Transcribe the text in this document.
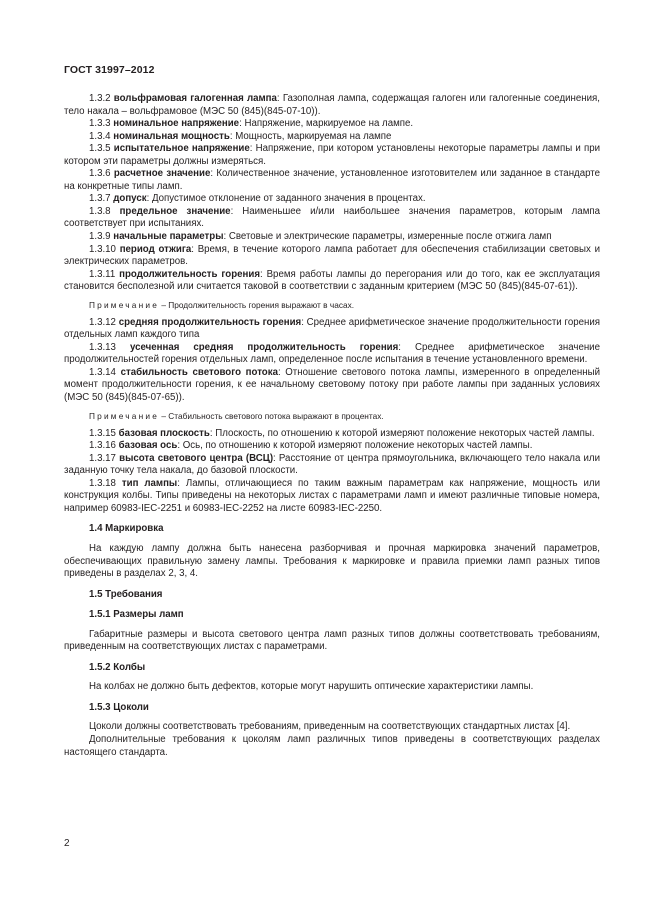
ГОСТ 31997–2012

1.3.2 вольфрамовая галогенная лампа: Газополная лампа, содержащая галоген или галогенные соединения, тело накала – вольфрамовое (МЭС 50 (845)(845-07-10)).

1.3.3 номинальное напряжение: Напряжение, маркируемое на лампе.

1.3.4 номинальная мощность: Мощность, маркируемая на лампе

1.3.5 испытательное напряжение: Напряжение, при котором установлены некоторые параметры лампы и при котором эти параметры должны измеряться.

1.3.6 расчетное значение: Количественное значение, установленное изготовителем или заданное в стандарте на конкретные типы ламп.

1.3.7 допуск: Допустимое отклонение от заданного значения в процентах.

1.3.8 предельное значение: Наименьшее и/или наибольшее значения параметров, которым лампа соответствует при испытаниях.

1.3.9 начальные параметры: Световые и электрические параметры, измеренные после отжига ламп

1.3.10 период отжига: Время, в течение которого лампа работает для обеспечения стабилизации световых и электрических параметров.

1.3.11 продолжительность горения: Время работы лампы до перегорания или до того, как ее эксплуатация становится бесполезной или считается таковой в соответствии с заданным критерием (МЭС 50 (845)(845-07-61)).

Примечание – Продолжительность горения выражают в часах.

1.3.12 средняя продолжительность горения: Среднее арифметическое значение продолжительности горения отдельных ламп каждого типа

1.3.13 усеченная средняя продолжительность горения: Среднее арифметическое значение продолжительностей горения отдельных ламп, определенное после испытания в течение установленного времени.

1.3.14 стабильность светового потока: Отношение светового потока лампы, измеренного в определенный момент продолжительности горения, к ее начальному световому потоку при работе лампы при заданных условиях (МЭС 50 (845)(845-07-65)).

Примечание – Стабильность светового потока выражают в процентах.

1.3.15 базовая плоскость: Плоскость, по отношению к которой измеряют положение некоторых частей лампы.

1.3.16 базовая ось: Ось, по отношению к которой измеряют положение некоторых частей лампы.

1.3.17 высота светового центра (ВСЦ): Расстояние от центра прямоугольника, включающего тело накала или заданную точку тела накала, до базовой плоскости.

1.3.18 тип лампы: Лампы, отличающиеся по таким важным параметрам как напряжение, мощность или конструкция колбы. Типы приведены на некоторых листах с параметрами ламп и имеют различные типовые номера, например 60983-IEC-2251 и 60983-IEC-2252 на листе 60983-IEC-2250.

1.4 Маркировка

На каждую лампу должна быть нанесена разборчивая и прочная маркировка значений параметров, обеспечивающих правильную замену лампы. Требования к маркировке и правила приемки ламп разных типов приведены в разделах 2, 3, 4.

1.5 Требования

1.5.1 Размеры ламп

Габаритные размеры и высота светового центра ламп разных типов должны соответствовать требованиям, приведенным на соответствующих листах с параметрами.

1.5.2 Колбы

На колбах не должно быть дефектов, которые могут нарушить оптические характеристики лампы.

1.5.3 Цоколи

Цоколи должны соответствовать требованиям, приведенным на соответствующих стандартных листах [4].

Дополнительные требования к цоколям ламп различных типов приведены в соответствующих разделах настоящего стандарта.

2
